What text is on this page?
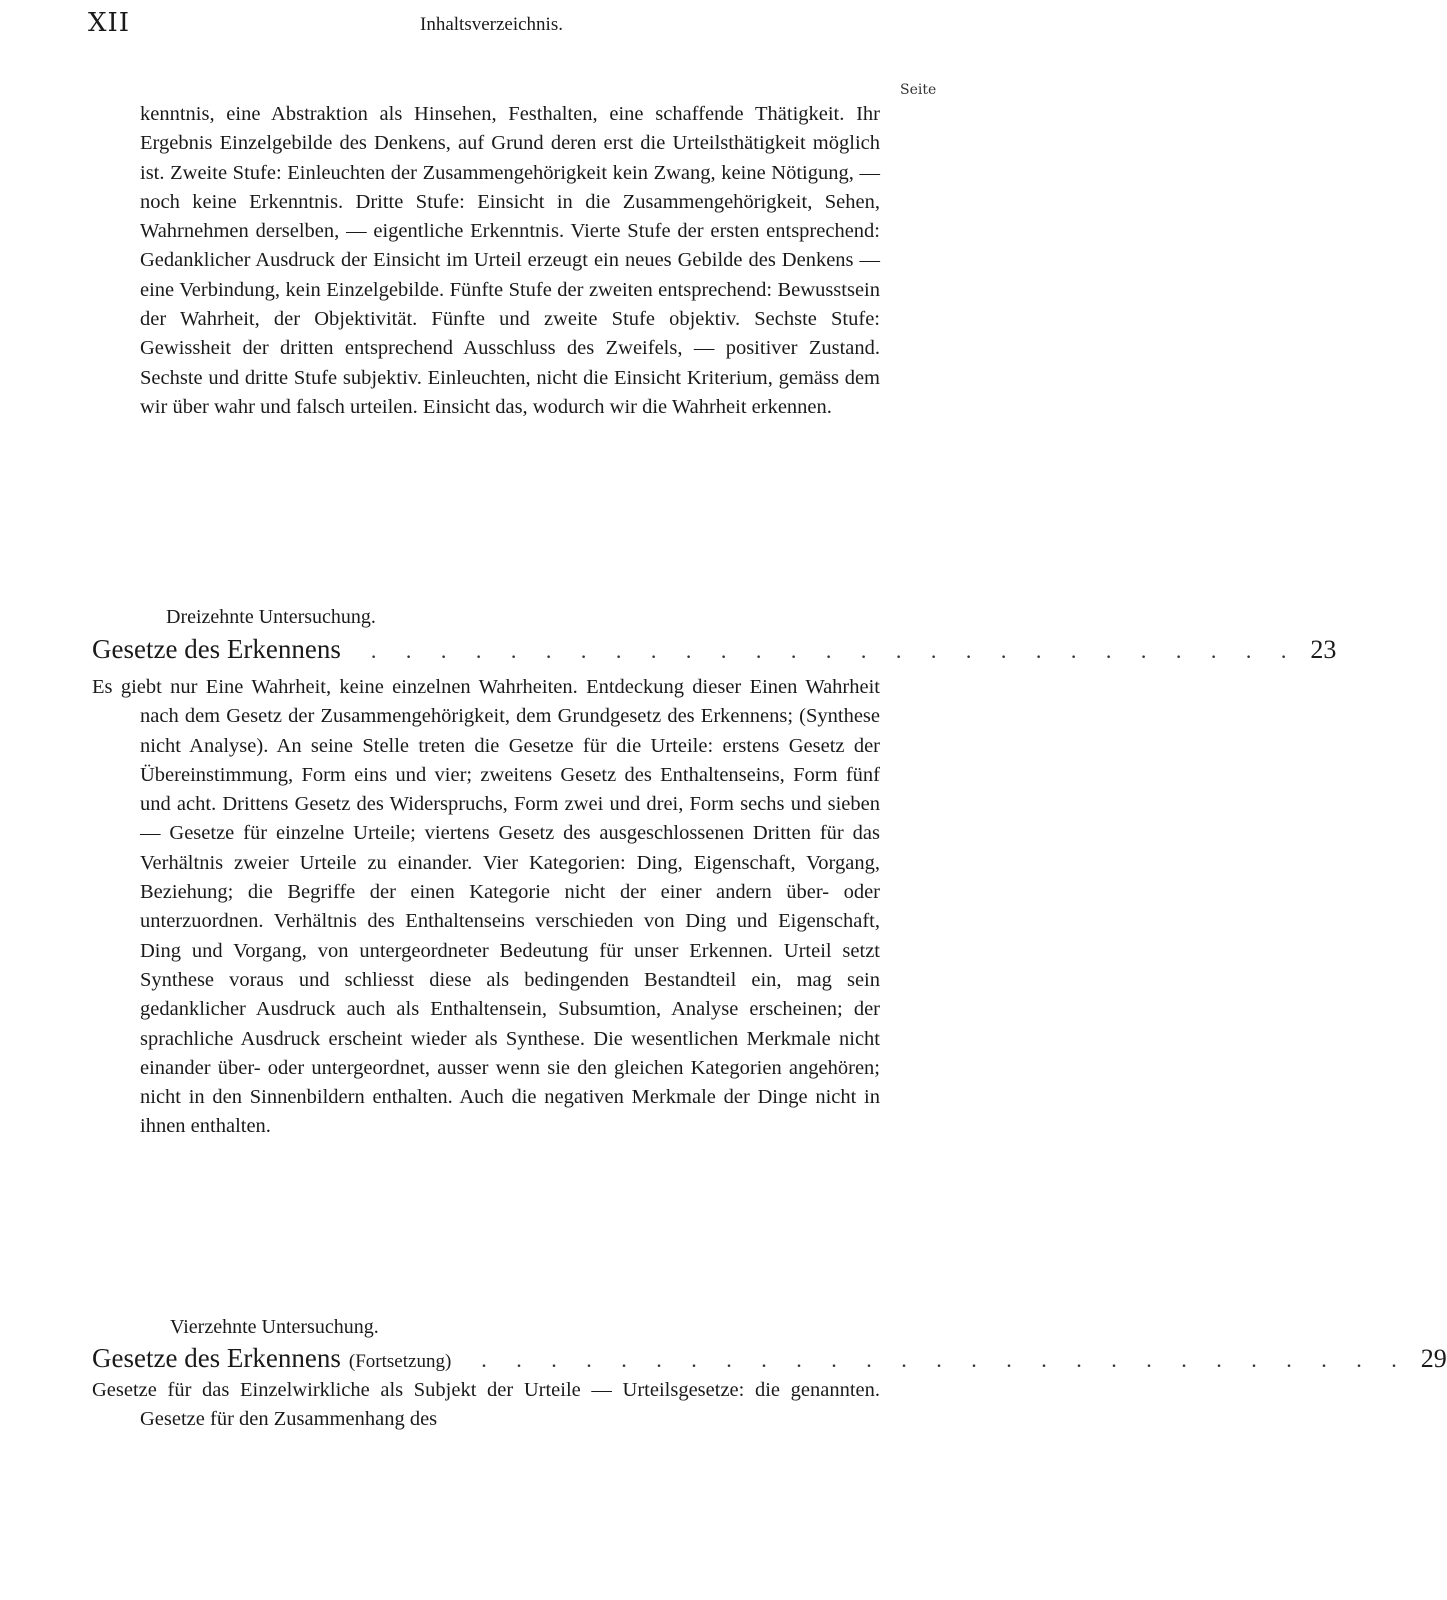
XII	Inhaltsverzeichnis.
Seite

kenntnis, eine Abstraktion als Hinsehen, Festhalten, eine schaffende Thätigkeit. Ihr Ergebnis Einzelgebilde des Denkens, auf Grund deren erst die Urteilsthätigkeit möglich ist. Zweite Stufe: Einleuchten der Zusammengehörigkeit kein Zwang, keine Nötigung, — noch keine Erkenntnis. Dritte Stufe: Einsicht in die Zusammengehörigkeit, Sehen, Wahrnehmen derselben, — eigentliche Erkenntnis. Vierte Stufe der ersten entsprechend: Gedanklicher Ausdruck der Einsicht im Urteil erzeugt ein neues Gebilde des Denkens — eine Verbindung, kein Einzelgebilde. Fünfte Stufe der zweiten entsprechend: Bewusstsein der Wahrheit, der Objektivität. Fünfte und zweite Stufe objektiv. Sechste Stufe: Gewissheit der dritten entsprechend Ausschluss des Zweifels, — positiver Zustand. Sechste und dritte Stufe subjektiv. Einleuchten, nicht die Einsicht Kriterium, gemäss dem wir über wahr und falsch urteilen. Einsicht das, wodurch wir die Wahrheit erkennen.

Dreizehnte Untersuchung.
Gesetze des Erkennens . . . . . . . . . . . . . . . . . . . . . . . . . . . 23

Es giebt nur Eine Wahrheit, keine einzelnen Wahrheiten. Entdeckung dieser Einen Wahrheit nach dem Gesetz der Zusammengehörigkeit, dem Grundgesetz des Erkennens; (Synthese nicht Analyse). An seine Stelle treten die Gesetze für die Urteile: erstens Gesetz der Übereinstimmung, Form eins und vier; zweitens Gesetz des Enthaltenseins, Form fünf und acht. Drittens Gesetz des Widerspruchs, Form zwei und drei, Form sechs und sieben — Gesetze für einzelne Urteile; viertens Gesetz des ausgeschlossenen Dritten für das Verhältnis zweier Urteile zu einander. Vier Kategorien: Ding, Eigenschaft, Vorgang, Beziehung; die Begriffe der einen Kategorie nicht der einer andern über- oder unterzuordnen. Verhältnis des Enthaltenseins verschieden von Ding und Eigenschaft, Ding und Vorgang, von untergeordneter Bedeutung für unser Erkennen. Urteil setzt Synthese voraus und schliesst diese als bedingenden Bestandteil ein, mag sein gedanklicher Ausdruck auch als Enthaltensein, Subsumtion, Analyse erscheinen; der sprachliche Ausdruck erscheint wieder als Synthese. Die wesentlichen Merkmale nicht einander über- oder untergeordnet, ausser wenn sie den gleichen Kategorien angehören; nicht in den Sinnenbildern enthalten. Auch die negativen Merkmale der Dinge nicht in ihnen enthalten.

Vierzehnte Untersuchung.
Gesetze des Erkennens (Fortsetzung) . . . . . . . . . . . . . . . . . . . . . . . . . . . 29

Gesetze für das Einzelwirkliche als Subjekt der Urteile — Urteilsgesetze: die genannten. Gesetze für den Zusammenhang des
